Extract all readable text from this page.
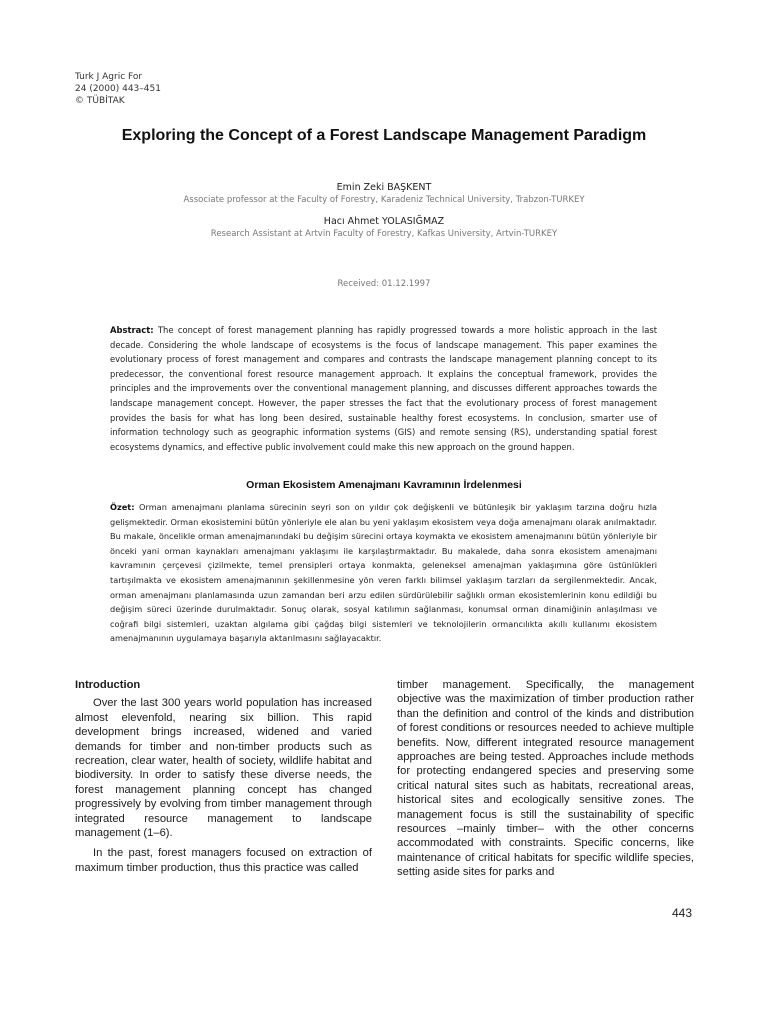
Turk J Agric For
24 (2000) 443–451
© TÜBİTAK
Exploring the Concept of a Forest Landscape Management Paradigm
Emin Zeki BAŞKENT
Associate professor at the Faculty of Forestry, Karadeniz Technical University, Trabzon-TURKEY
Hacı Ahmet YOLASIĞMAZ
Research Assistant at Artvin Faculty of Forestry, Kafkas University, Artvin-TURKEY
Received: 01.12.1997
Abstract: The concept of forest management planning has rapidly progressed towards a more holistic approach in the last decade. Considering the whole landscape of ecosystems is the focus of landscape management. This paper examines the evolutionary process of forest management and compares and contrasts the landscape management planning concept to its predecessor, the conventional forest resource management approach. It explains the conceptual framework, provides the principles and the improvements over the conventional management planning, and discusses different approaches towards the landscape management concept. However, the paper stresses the fact that the evolutionary process of forest management provides the basis for what has long been desired, sustainable healthy forest ecosystems. In conclusion, smarter use of information technology such as geographic information systems (GIS) and remote sensing (RS), understanding spatial forest ecosystems dynamics, and effective public involvement could make this new approach on the ground happen.
Orman Ekosistem Amenajmanı Kavramının İrdelenmesi
Özet: Orman amenajmanı planlama sürecinin seyri son on yıldır çok değişkenli ve bütünleşik bir yaklaşım tarzına doğru hızla gelişmektedir. Orman ekosistemini bütün yönleriyle ele alan bu yeni yaklaşım ekosistem veya doğa amenajmanı olarak anılmaktadır. Bu makale, öncelikle orman amenajmanındaki bu değişim sürecini ortaya koymakta ve ekosistem amenajmanını bütün yönleriyle bir önceki yani orman kaynakları amenajmanı yaklaşımı ile karşılaştırmaktadır. Bu makalede, daha sonra ekosistem amenajmanı kavramının çerçevesi çizilmekte, temel prensipleri ortaya konmakta, geleneksel amenajman yaklaşımına göre üstünlükleri tartışılmakta ve ekosistem amenajmanının şekillenmesine yön veren farklı bilimsel yaklaşım tarzları da sergilenmektedir. Ancak, orman amenajmanı planlamasında uzun zamandan beri arzu edilen sürdürülebilir sağlıklı orman ekosistemlerinin konu edildiği bu değişim süreci üzerinde durulmaktadır. Sonuç olarak, sosyal katılımın sağlanması, konumsal orman dinamiğinin anlaşılması ve coğrafi bilgi sistemleri, uzaktan algılama gibi çağdaş bilgi sistemleri ve teknolojilerin ormancılıkta akıllı kullanımı ekosistem amenajmanının uygulamaya başarıyla aktarılmasını sağlayacaktır.
Introduction

Over the last 300 years world population has increased almost elevenfold, nearing six billion. This rapid development brings increased, widened and varied demands for timber and non-timber products such as recreation, clear water, health of society, wildlife habitat and biodiversity. In order to satisfy these diverse needs, the forest management planning concept has changed progressively by evolving from timber management through integrated resource management to landscape management (1–6).

In the past, forest managers focused on extraction of maximum timber production, thus this practice was called

timber management. Specifically, the management objective was the maximization of timber production rather than the definition and control of the kinds and distribution of forest conditions or resources needed to achieve multiple benefits. Now, different integrated resource management approaches are being tested. Approaches include methods for protecting endangered species and preserving some critical natural sites such as habitats, recreational areas, historical sites and ecologically sensitive zones. The management focus is still the sustainability of specific resources –mainly timber– with the other concerns accommodated with constraints. Specific concerns, like maintenance of critical habitats for specific wildlife species, setting aside sites for parks and

443
